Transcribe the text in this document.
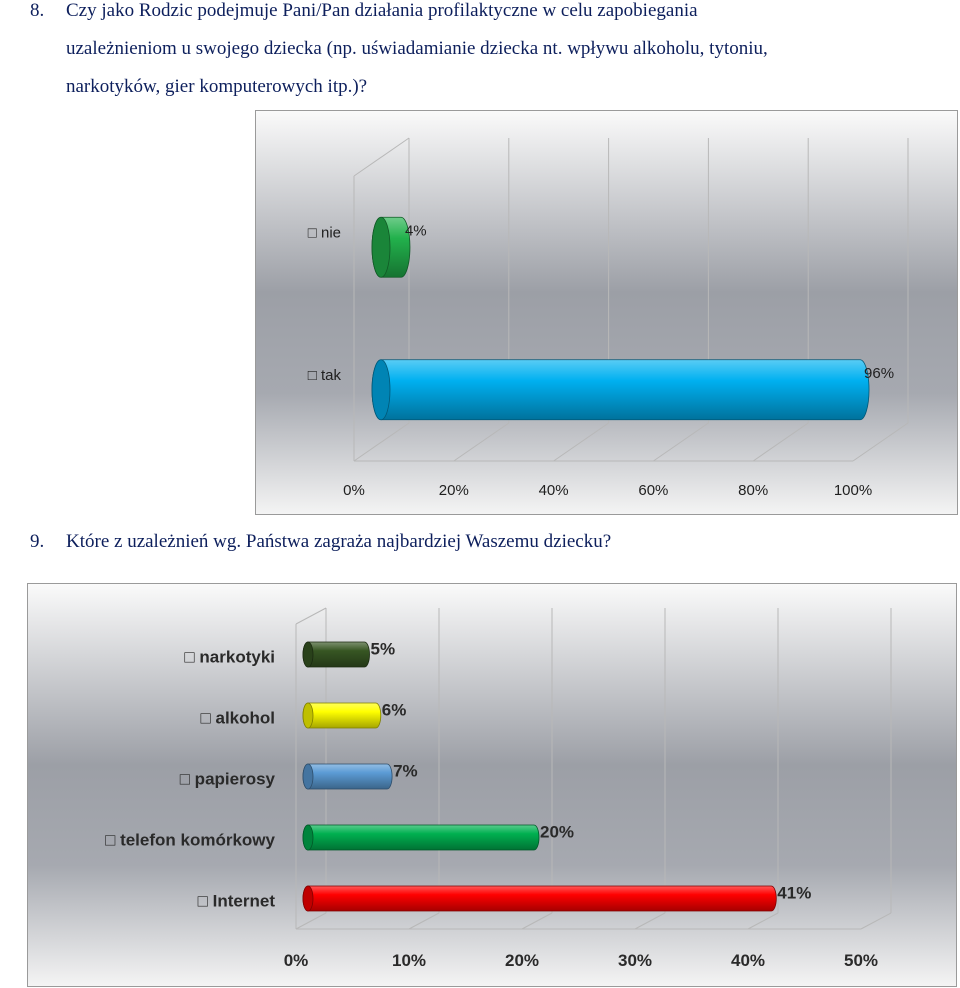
8. Czy jako Rodzic podejmuje Pani/Pan działania profilaktyczne w celu zapobiegania
uzależnieniom u swojego dziecka (np. uświadamianie dziecka nt. wpływu alkoholu, tytoniu,
narkotyków, gier komputerowych itp.)?
4%
□ nie
96%
□ tak
0%	20%	40%	60%	80%	100%
9. Które z uzależnień wg. Państwa zagraża najbardziej Waszemu dziecku?
5%
□ narkotyki
6%
□ alkohol
7%
□ papierosy
20%
□ telefon komórkowy
41%
□ Internet
0%	10%	20%	30%	40%	50%
